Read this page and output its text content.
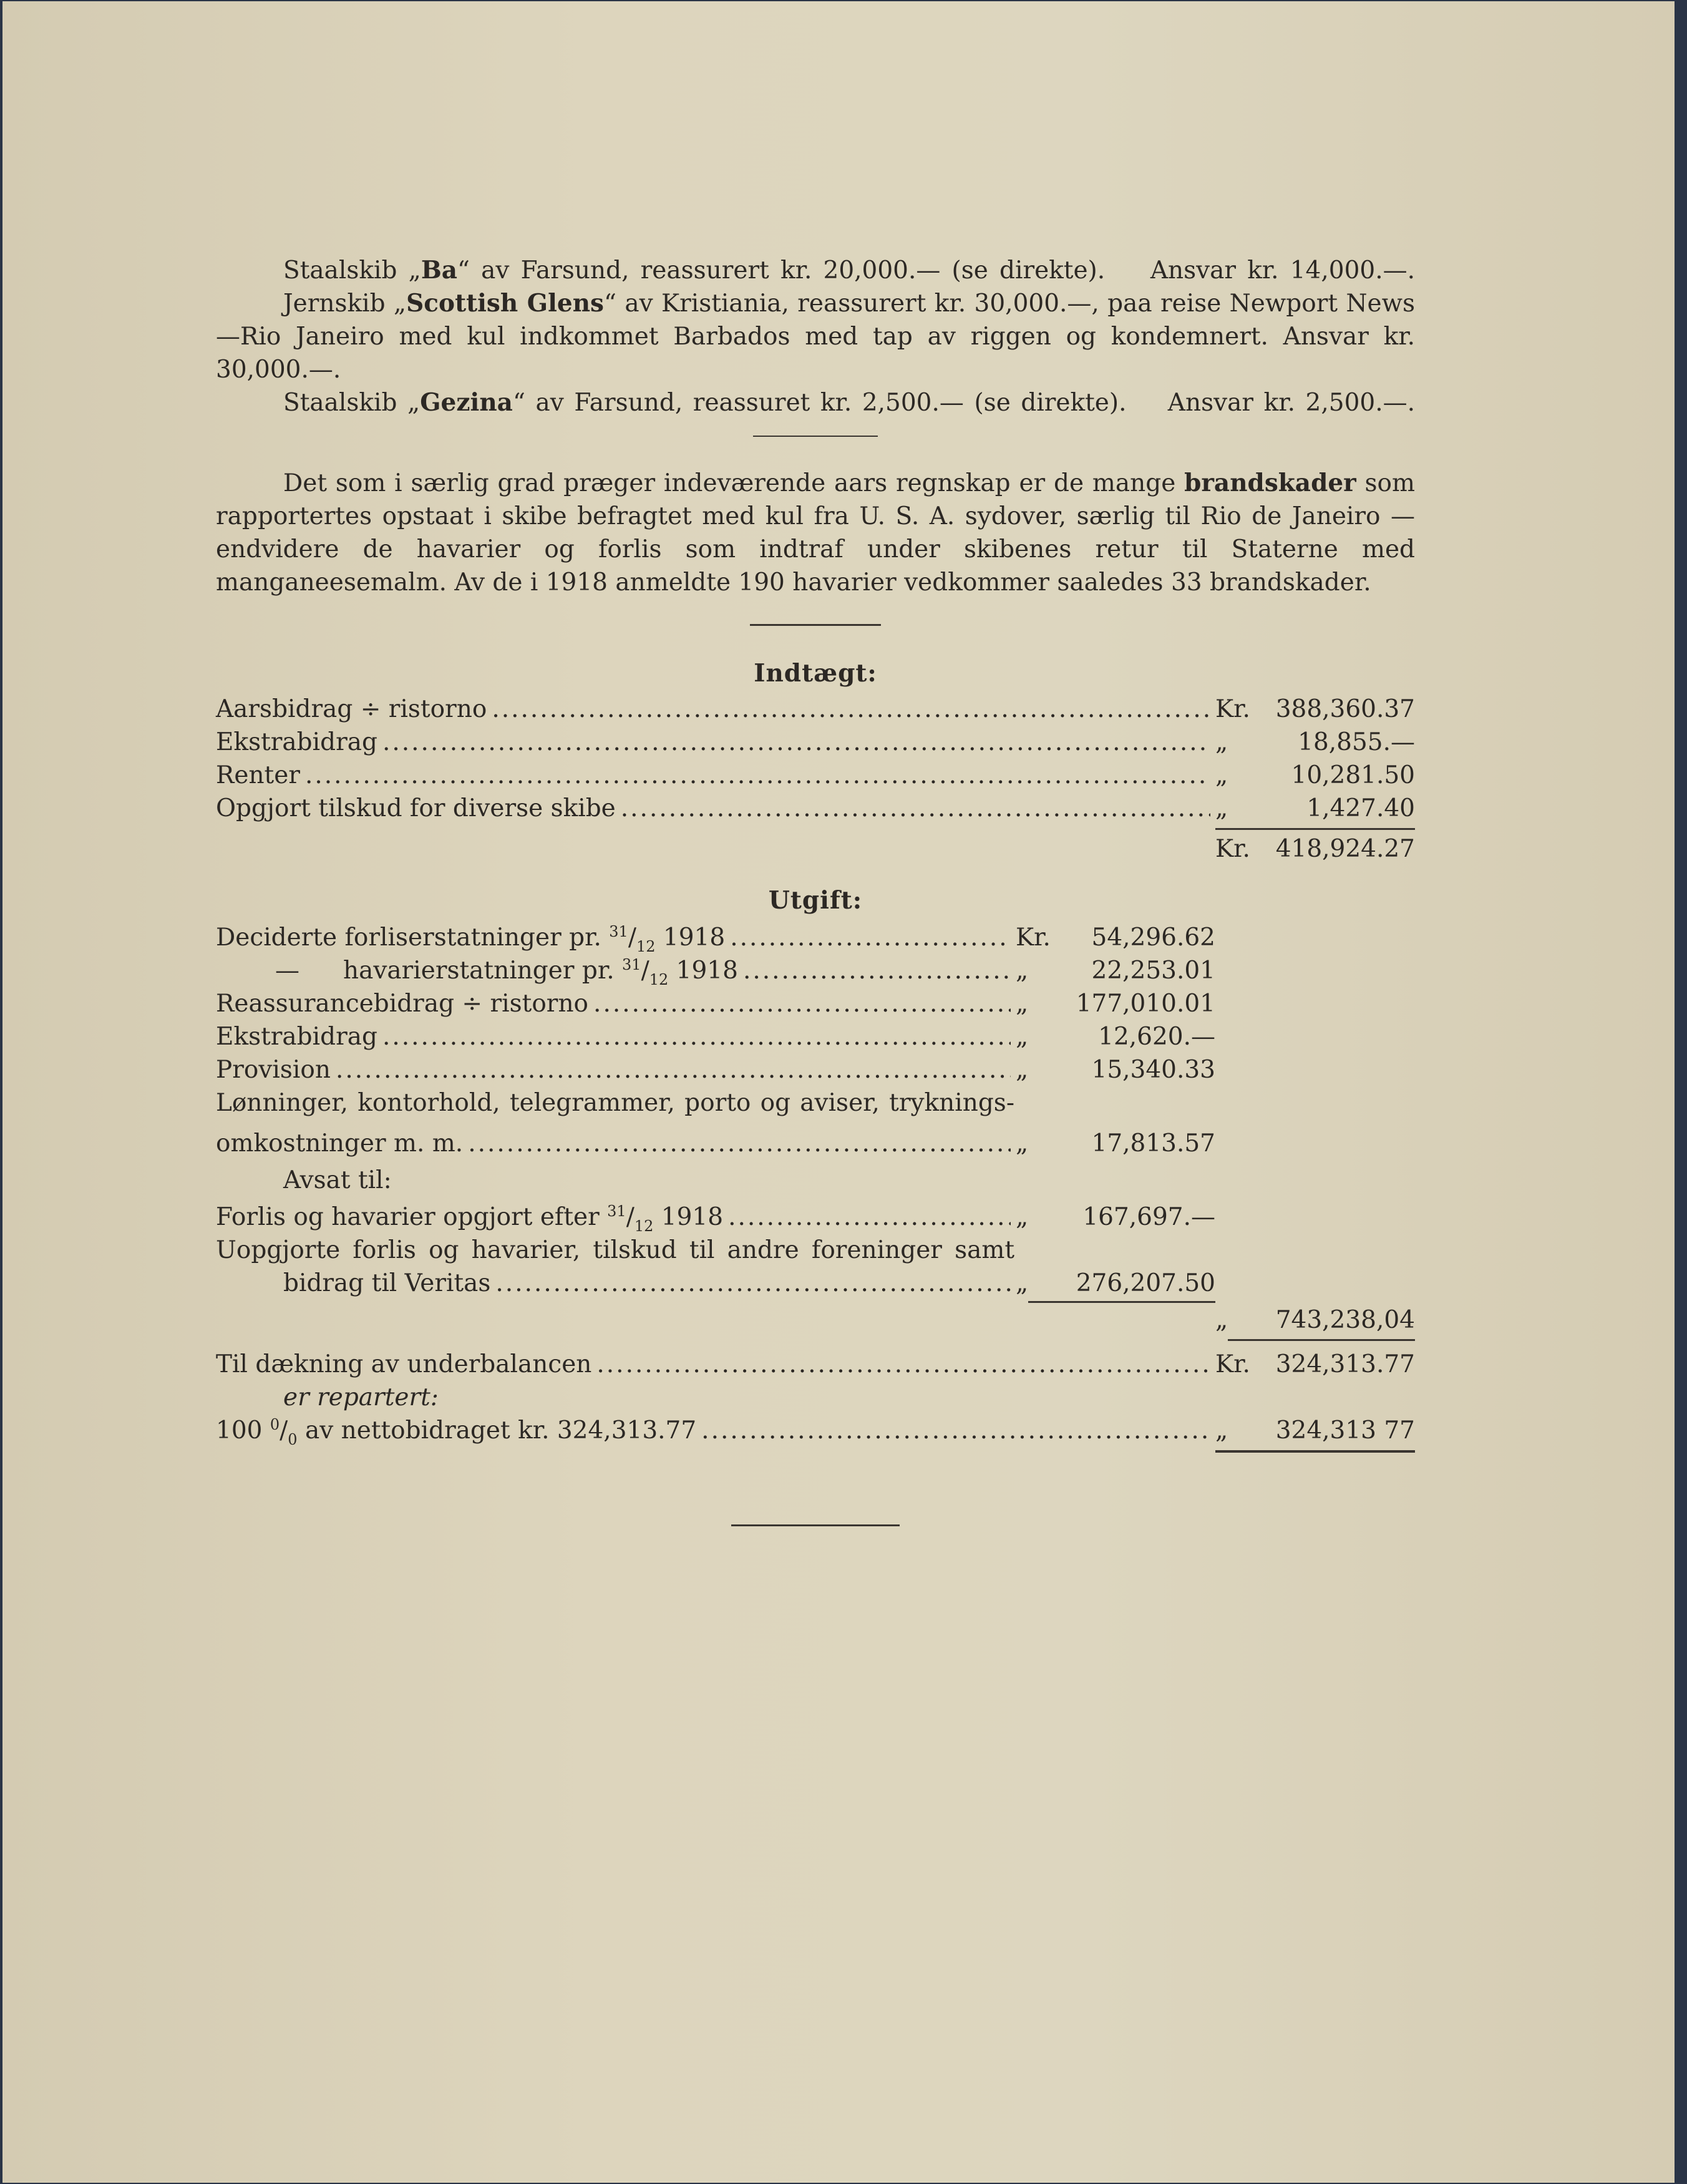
Staalskib „Ba“ av Farsund, reassurert kr. 20,000.— (se direkte). Ansvar kr. 14,000.—.

Jernskib „Scottish Glens“ av Kristiania, reassurert kr. 30,000.—, paa reise Newport News—Rio Janeiro med kul indkommet Barbados med tap av riggen og kondemnert. Ansvar kr. 30,000.—.

Staalskib „Gezina“ av Farsund, reassuret kr. 2,500.— (se direkte). Ansvar kr. 2,500.—.

Det som i særlig grad præger indeværende aars regnskap er de mange brandskader som rapportertes opstaat i skibe befragtet med kul fra U. S. A. sydover, særlig til Rio de Janeiro — endvidere de havarier og forlis som indtraf under skibenes retur til Staterne med manganeesemalm. Av de i 1918 anmeldte 190 havarier vedkommer saaledes 33 brandskader.

Indtægt:

Aarsbidrag ÷ ristorno .....	Kr.	388,360.37
Ekstrabidrag .....	„	18,855.—
Renter .....	„	10,281.50
Opgjort tilskud for diverse skibe .....	„	1,427.40
Kr.	418,924.27

Utgift:

Deciderte forliserstatninger pr. $^{31}/_{12}$ 1918 .....	Kr.	54,296.62
— havarierstatninger pr. $^{31}/_{12}$ 1918 .....	„	22,253.01
Reassurancebidrag ÷ ristorno .....	„	177,010.01
Ekstrabidrag .....	„	12,620.—
Provision .....	„	15,340.33
Lønninger, kontorhold, telegrammer, porto og aviser, tryknings-
omkostninger m. m. .....	„	17,813.57
Avsat til:
Forlis og havarier opgjort efter $^{31}/_{12}$ 1918 .....	„	167,697.—
Uopgjorte forlis og havarier, tilskud til andre foreninger samt
bidrag til Veritas .....	„	276,207.50
„	743,238,04
Til dækning av underbalancen .....	Kr.	324,313.77
er repartert:
100 $^0/_0$ av nettobidraget kr. 324,313.77 .....	„	324,313 77
